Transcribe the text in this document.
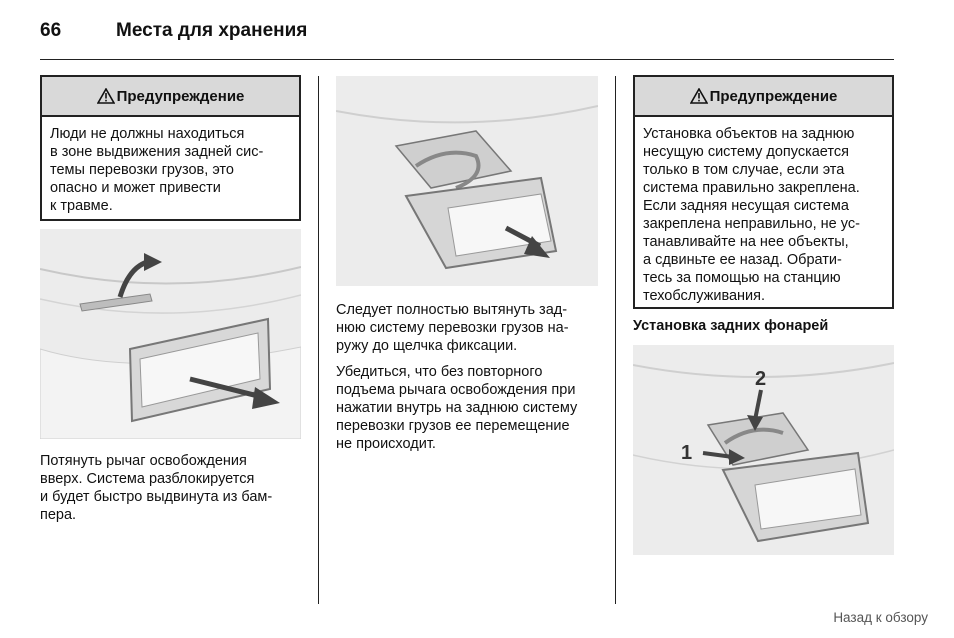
66	Места для хранения
Предупреждение
Люди не должны находиться
в зоне выдвижения задней сис-
темы перевозки грузов, это
опасно и может привести
к травме.
Потянуть рычаг освобождения
вверх. Система разблокируется
и будет быстро выдвинута из бам-
пера.

Следует полностью вытянуть зад-
нюю систему перевозки грузов на-
ружу до щелчка фиксации.

Убедиться, что без повторного
подъема рычага освобождения при
нажатии внутрь на заднюю систему
перевозки грузов ее перемещение
не происходит.

Предупреждение
Установка объектов на заднюю
несущую систему допускается
только в том случае, если эта
система правильно закреплена.
Если задняя несущая система
закреплена неправильно, не ус-
танавливайте на нее объекты,
а сдвиньте ее назад. Обрати-
тесь за помощью на станцию
техобслуживания.
Установка задних фонарей
1
2
Назад к обзору
